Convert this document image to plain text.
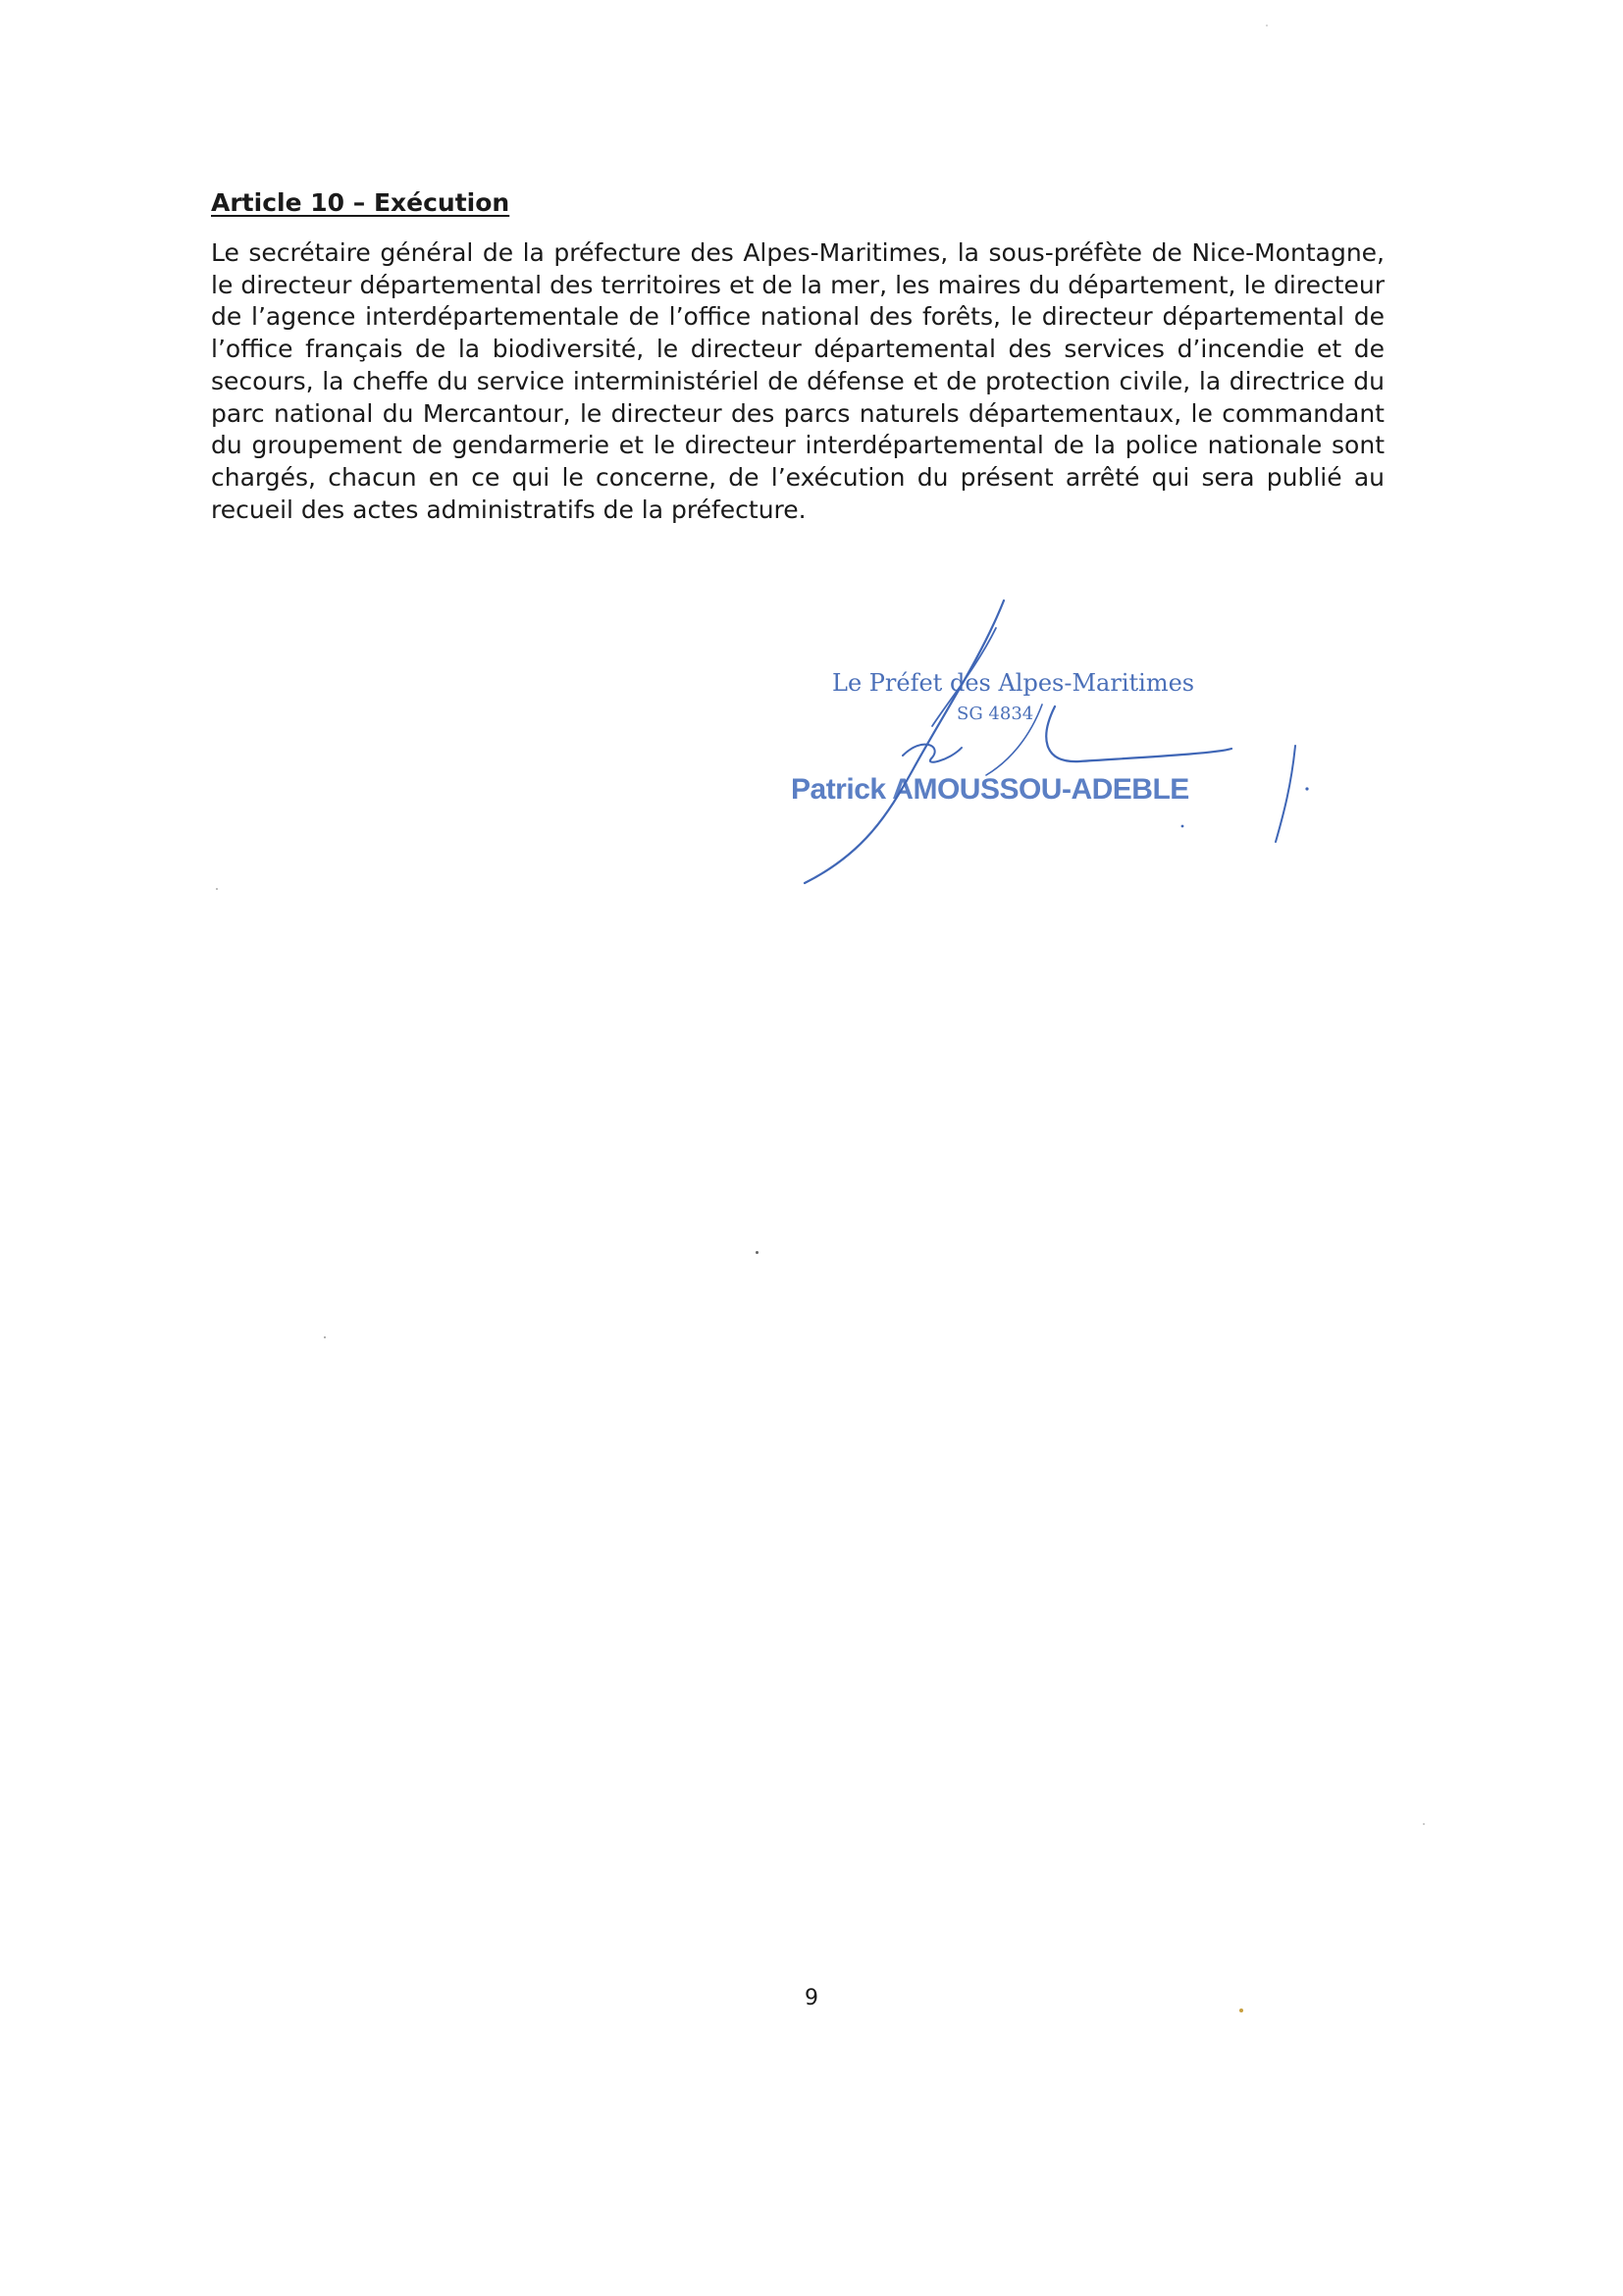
Article 10 – Exécution
Le secrétaire général de la préfecture des Alpes-Maritimes, la sous-préfète de Nice-Montagne, le directeur départemental des territoires et de la mer, les maires du département, le directeur de l’agence interdépartementale de l’office national des forêts, le directeur départemental de l’office français de la biodiversité, le directeur départemental des services d’incendie et de secours, la cheffe du service interministériel de défense et de protection civile, la directrice du parc national du Mercantour, le directeur des parcs naturels départementaux, le commandant du groupement de gendarmerie et le directeur interdépartemental de la police nationale sont chargés, chacun en ce qui le concerne, de l’exécution du présent arrêté qui sera publié au recueil des actes administratifs de la préfecture.
Le Préfet des Alpes-Maritimes
SG 4834
Patrick AMOUSSOU-ADEBLE
9
